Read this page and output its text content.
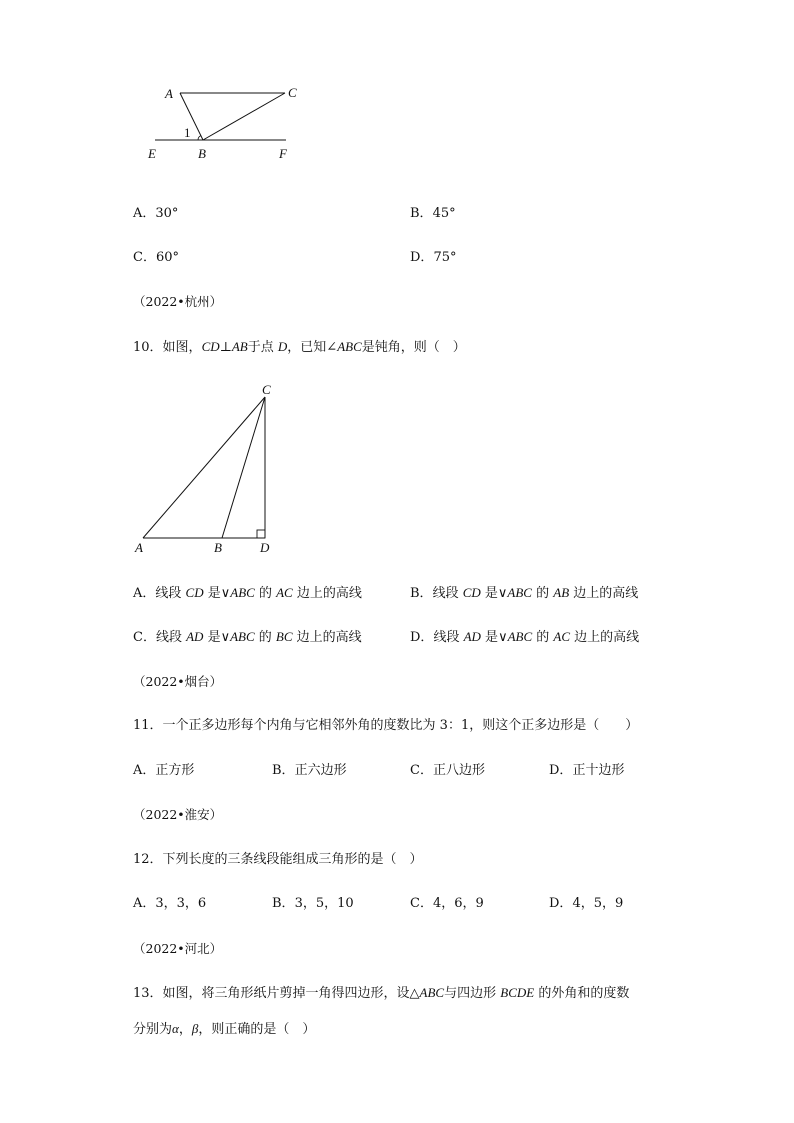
A	C
1
E	B	F
A．30°	B．45°
C．60°	D．75°
（2022•杭州）
10．如图，CD⊥AB于点 D，已知∠ABC是钝角，则（　）
C
A	B	D
A．线段 CD 是∨ABC 的 AC 边上的高线	B．线段 CD 是∨ABC 的 AB 边上的高线
C．线段 AD 是∨ABC 的 BC 边上的高线	D．线段 AD 是∨ABC 的 AC 边上的高线
（2022•烟台）
11．一个正多边形每个内角与它相邻外角的度数比为 3：1，则这个正多边形是（　　）
A．正方形	B．正六边形	C．正八边形	D．正十边形
（2022•淮安）
12．下列长度的三条线段能组成三角形的是（　）
A．3，3，6	B．3，5，10	C．4，6，9	D．4，5，9
（2022•河北）
13．如图，将三角形纸片剪掉一角得四边形，设△ABC与四边形 BCDE 的外角和的度数
分别为α，β，则正确的是（　）
